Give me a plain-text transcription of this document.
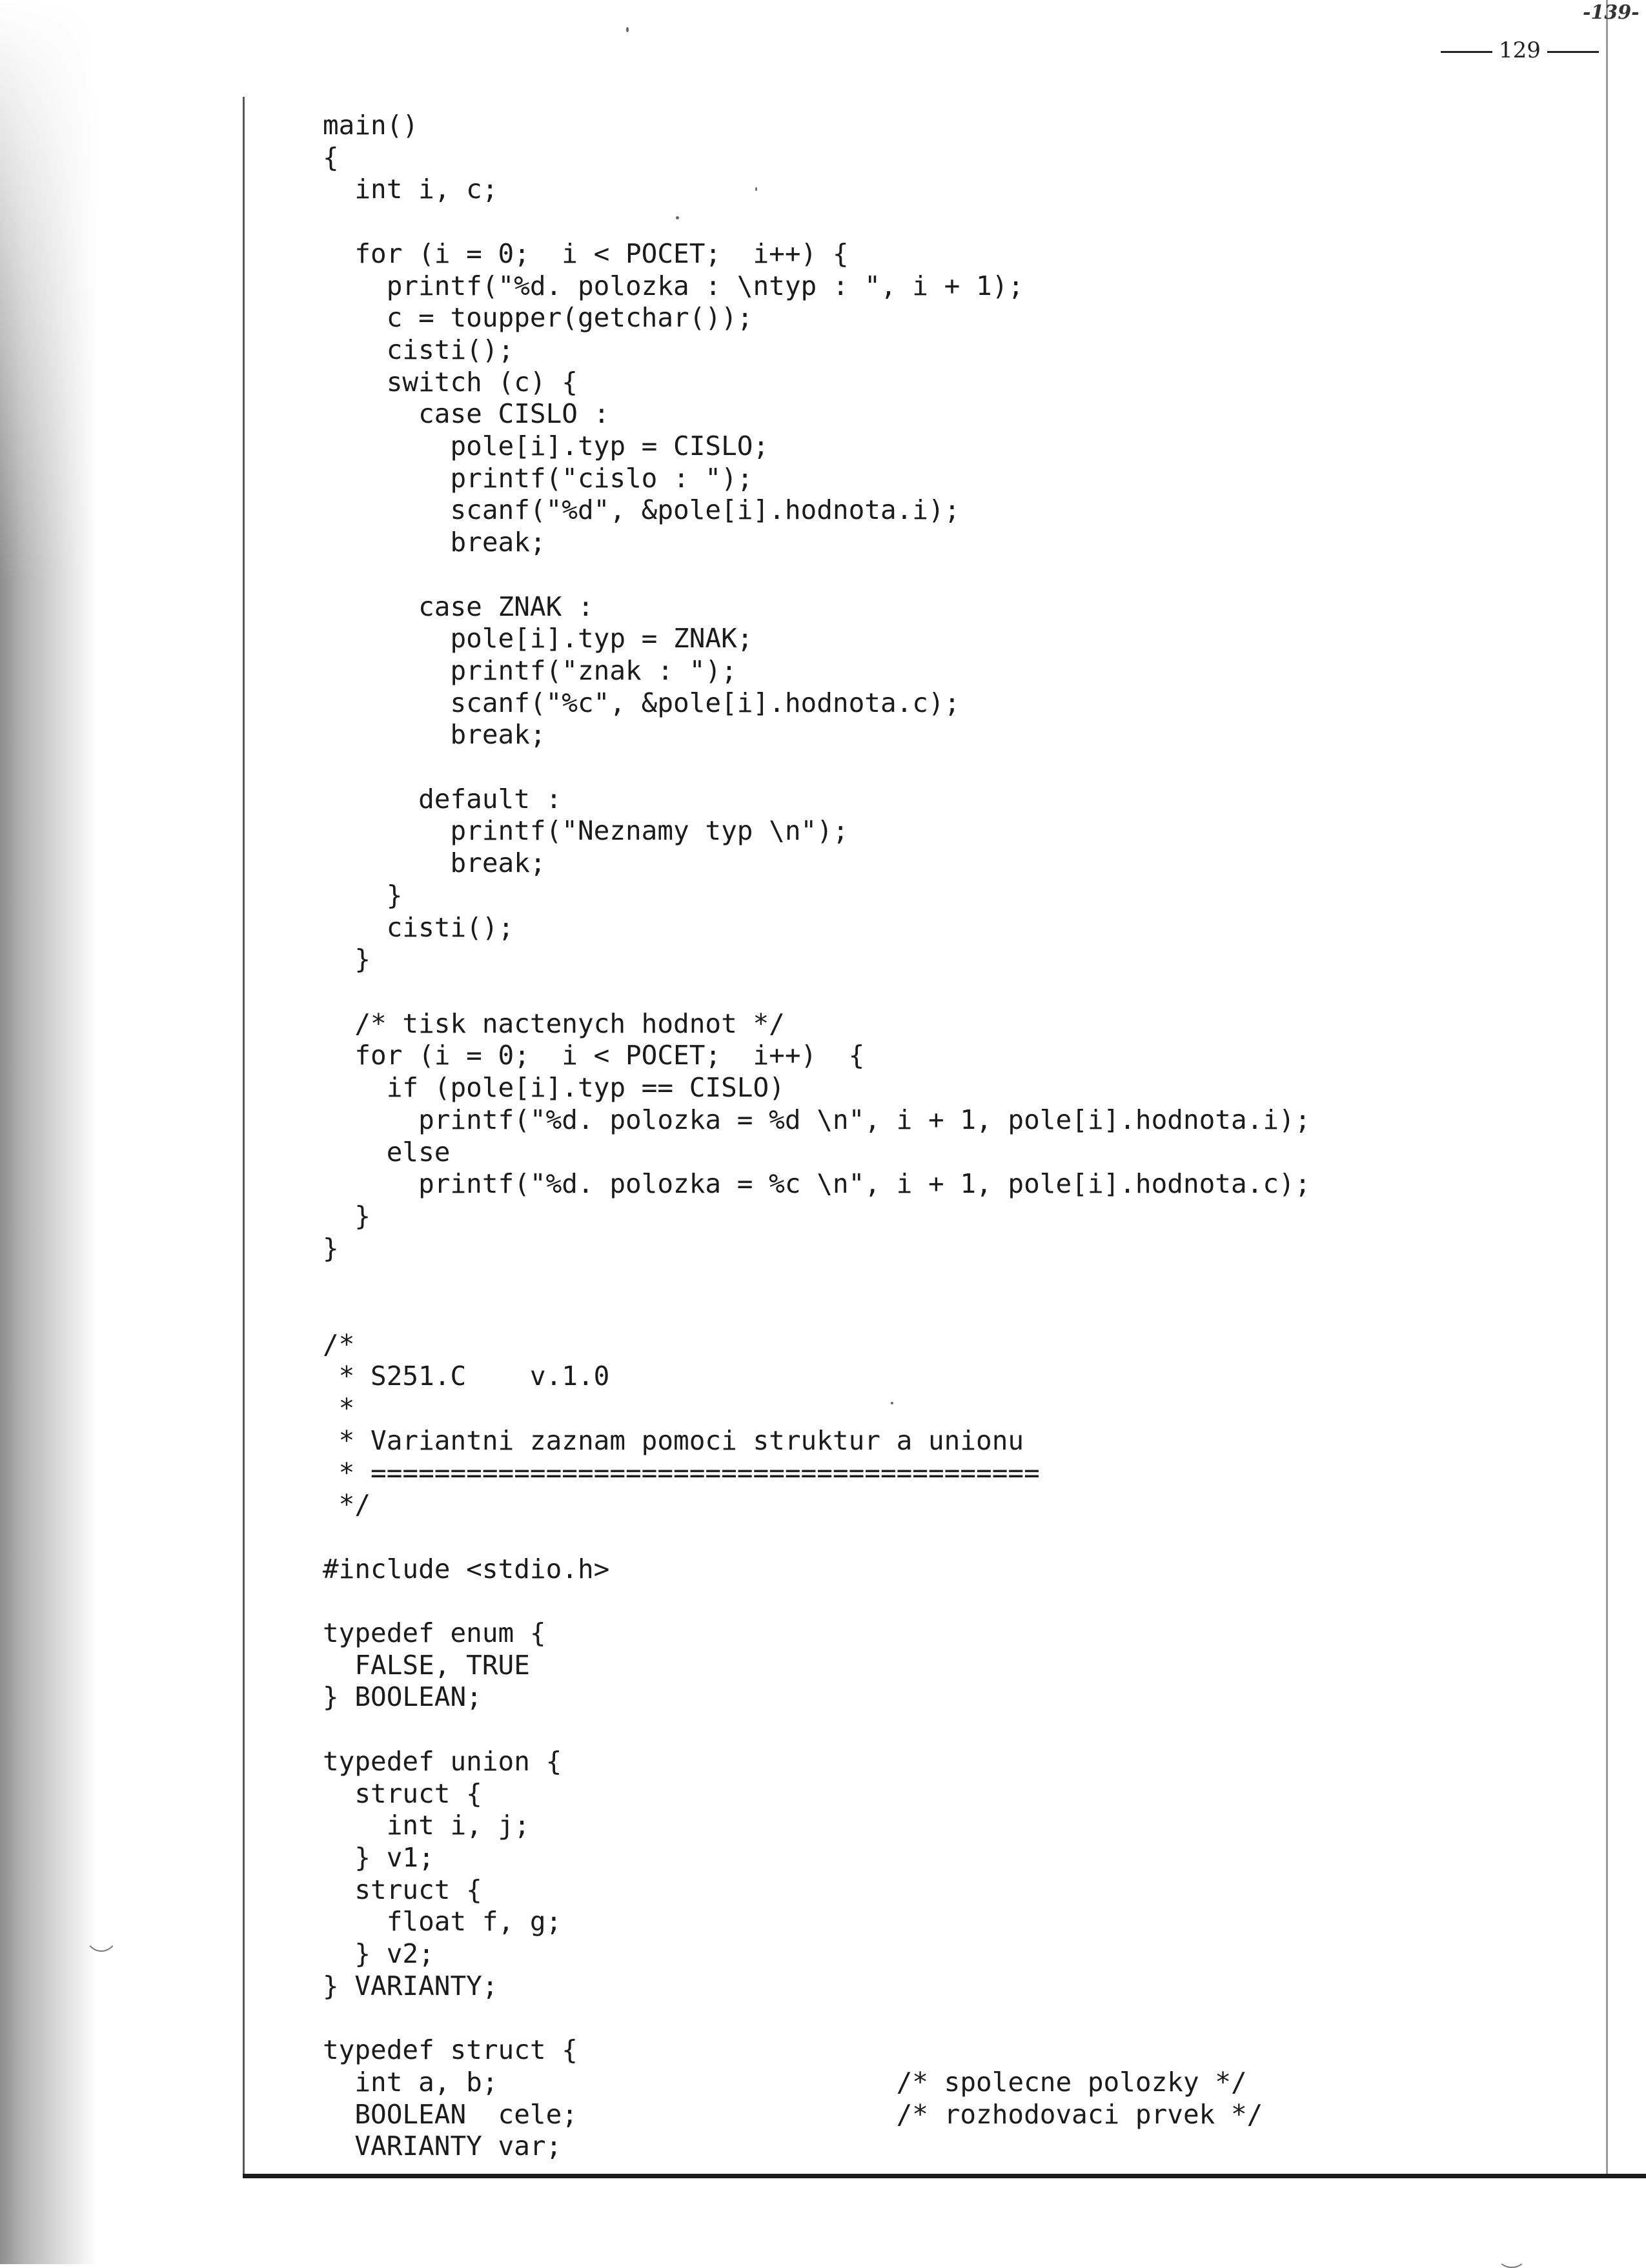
129
-139-
main()
{
int i, c;

for (i = 0;  i < POCET;  i++) {
printf("%d. polozka : \ntyp : ", i + 1);
c = toupper(getchar());
cisti();
switch (c) {
case CISLO :
pole[i].typ = CISLO;
printf("cislo : ");
scanf("%d", &pole[i].hodnota.i);
break;

case ZNAK :
pole[i].typ = ZNAK;
printf("znak : ");
scanf("%c", &pole[i].hodnota.c);
break;

default :
printf("Neznamy typ \n");
break;
}
cisti();
}

/* tisk nactenych hodnot */
for (i = 0;  i < POCET;  i++)  {
if (pole[i].typ == CISLO)
printf("%d. polozka = %d \n", i + 1, pole[i].hodnota.i);
else
printf("%d. polozka = %c \n", i + 1, pole[i].hodnota.c);
}
}

/*
* S251.C    v.1.0
*
* Variantni zaznam pomoci struktur a unionu
* ==========================================
*/

#include <stdio.h>

typedef enum {
FALSE, TRUE
} BOOLEAN;

typedef union {
struct {
int i, j;
} v1;
struct {
float f, g;
} v2;
} VARIANTY;

typedef struct {
int a, b;                         /* spolecne polozky */
BOOLEAN  cele;                    /* rozhodovaci prvek */
VARIANTY var;
